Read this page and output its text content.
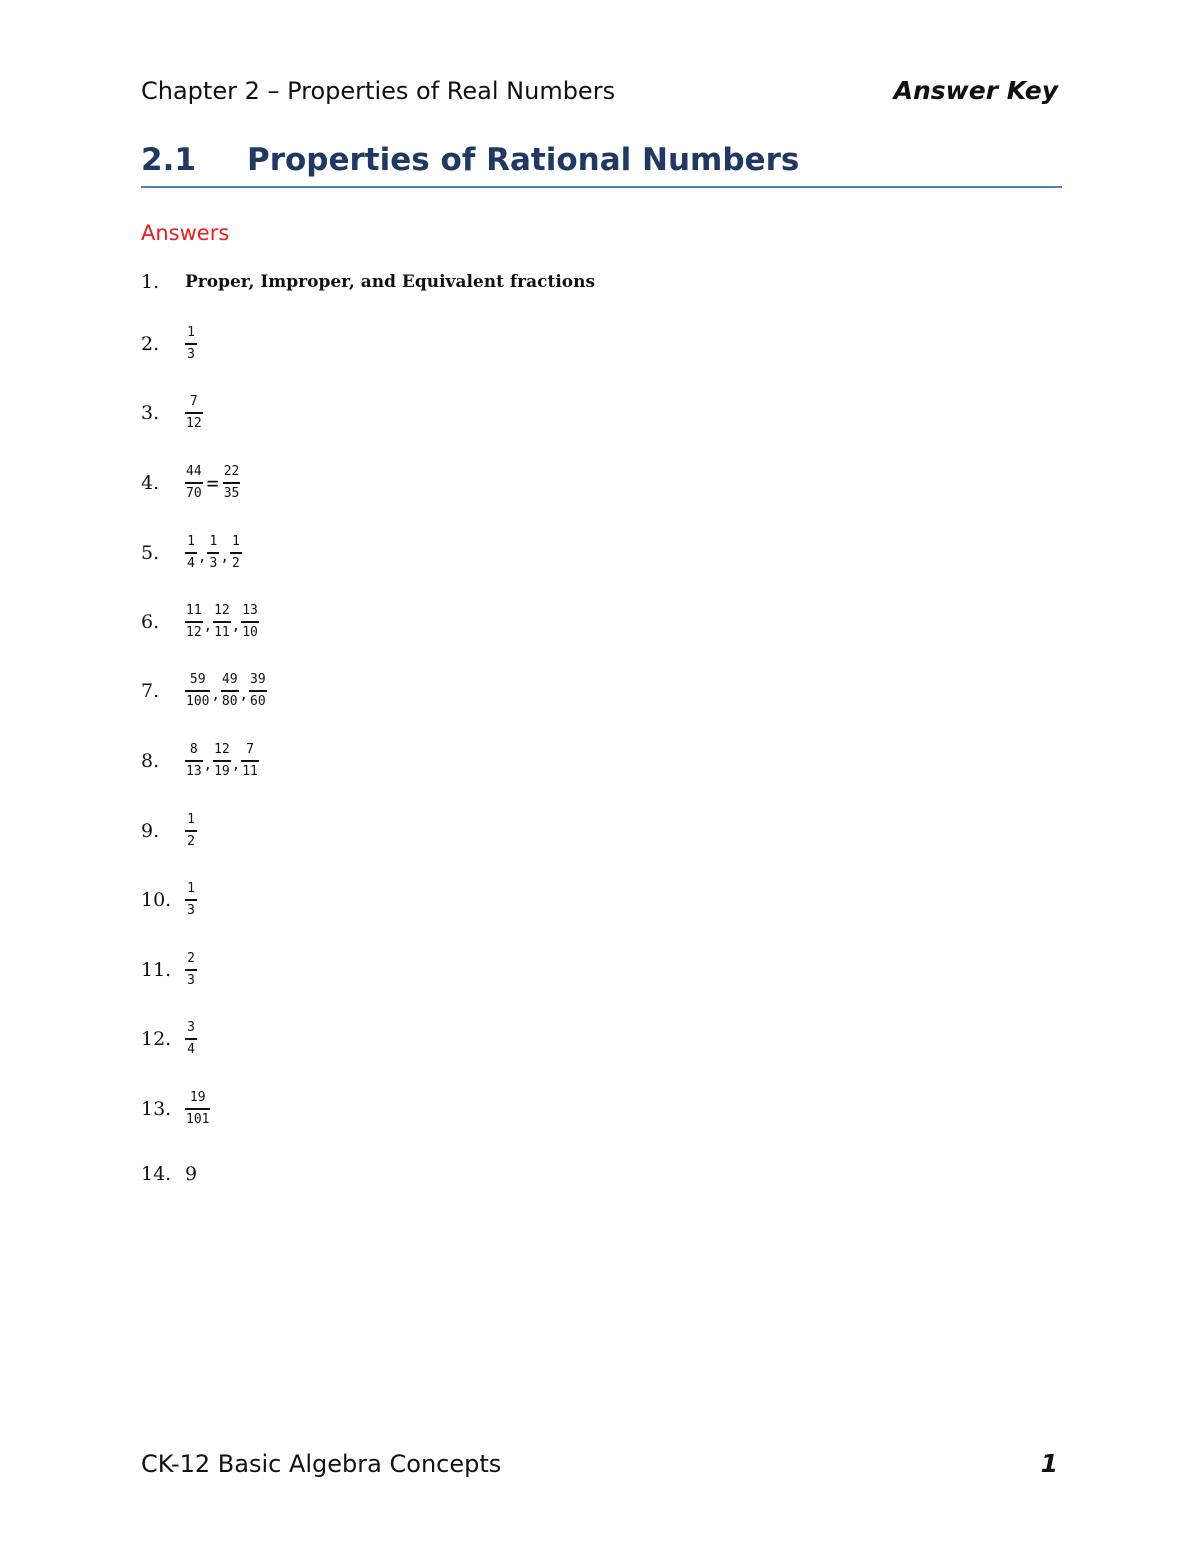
Chapter 2 – Properties of Real Numbers	Answer Key
2.1 Properties of Rational Numbers
Answers
1.	Proper, Improper, and Equivalent fractions
2.	$\frac{1}{3}$
3.	$\frac{7}{12}$
4.	$\frac{44}{70} = \frac{22}{35}$
5.	$\frac{1}{4}$ , $\frac{1}{3}$ , $\frac{1}{2}$
6.	$\frac{11}{12}$ , $\frac{12}{11}$ , $\frac{13}{10}$
7.	$\frac{59}{100}$ , $\frac{49}{80}$ , $\frac{39}{60}$
8.	$\frac{8}{13}$ , $\frac{12}{19}$ , $\frac{7}{11}$
9.	$\frac{1}{2}$
10.	$\frac{1}{3}$
11.	$\frac{2}{3}$
12.	$\frac{3}{4}$
13.	$\frac{19}{101}$
14. 9
CK-12 Basic Algebra Concepts	1
